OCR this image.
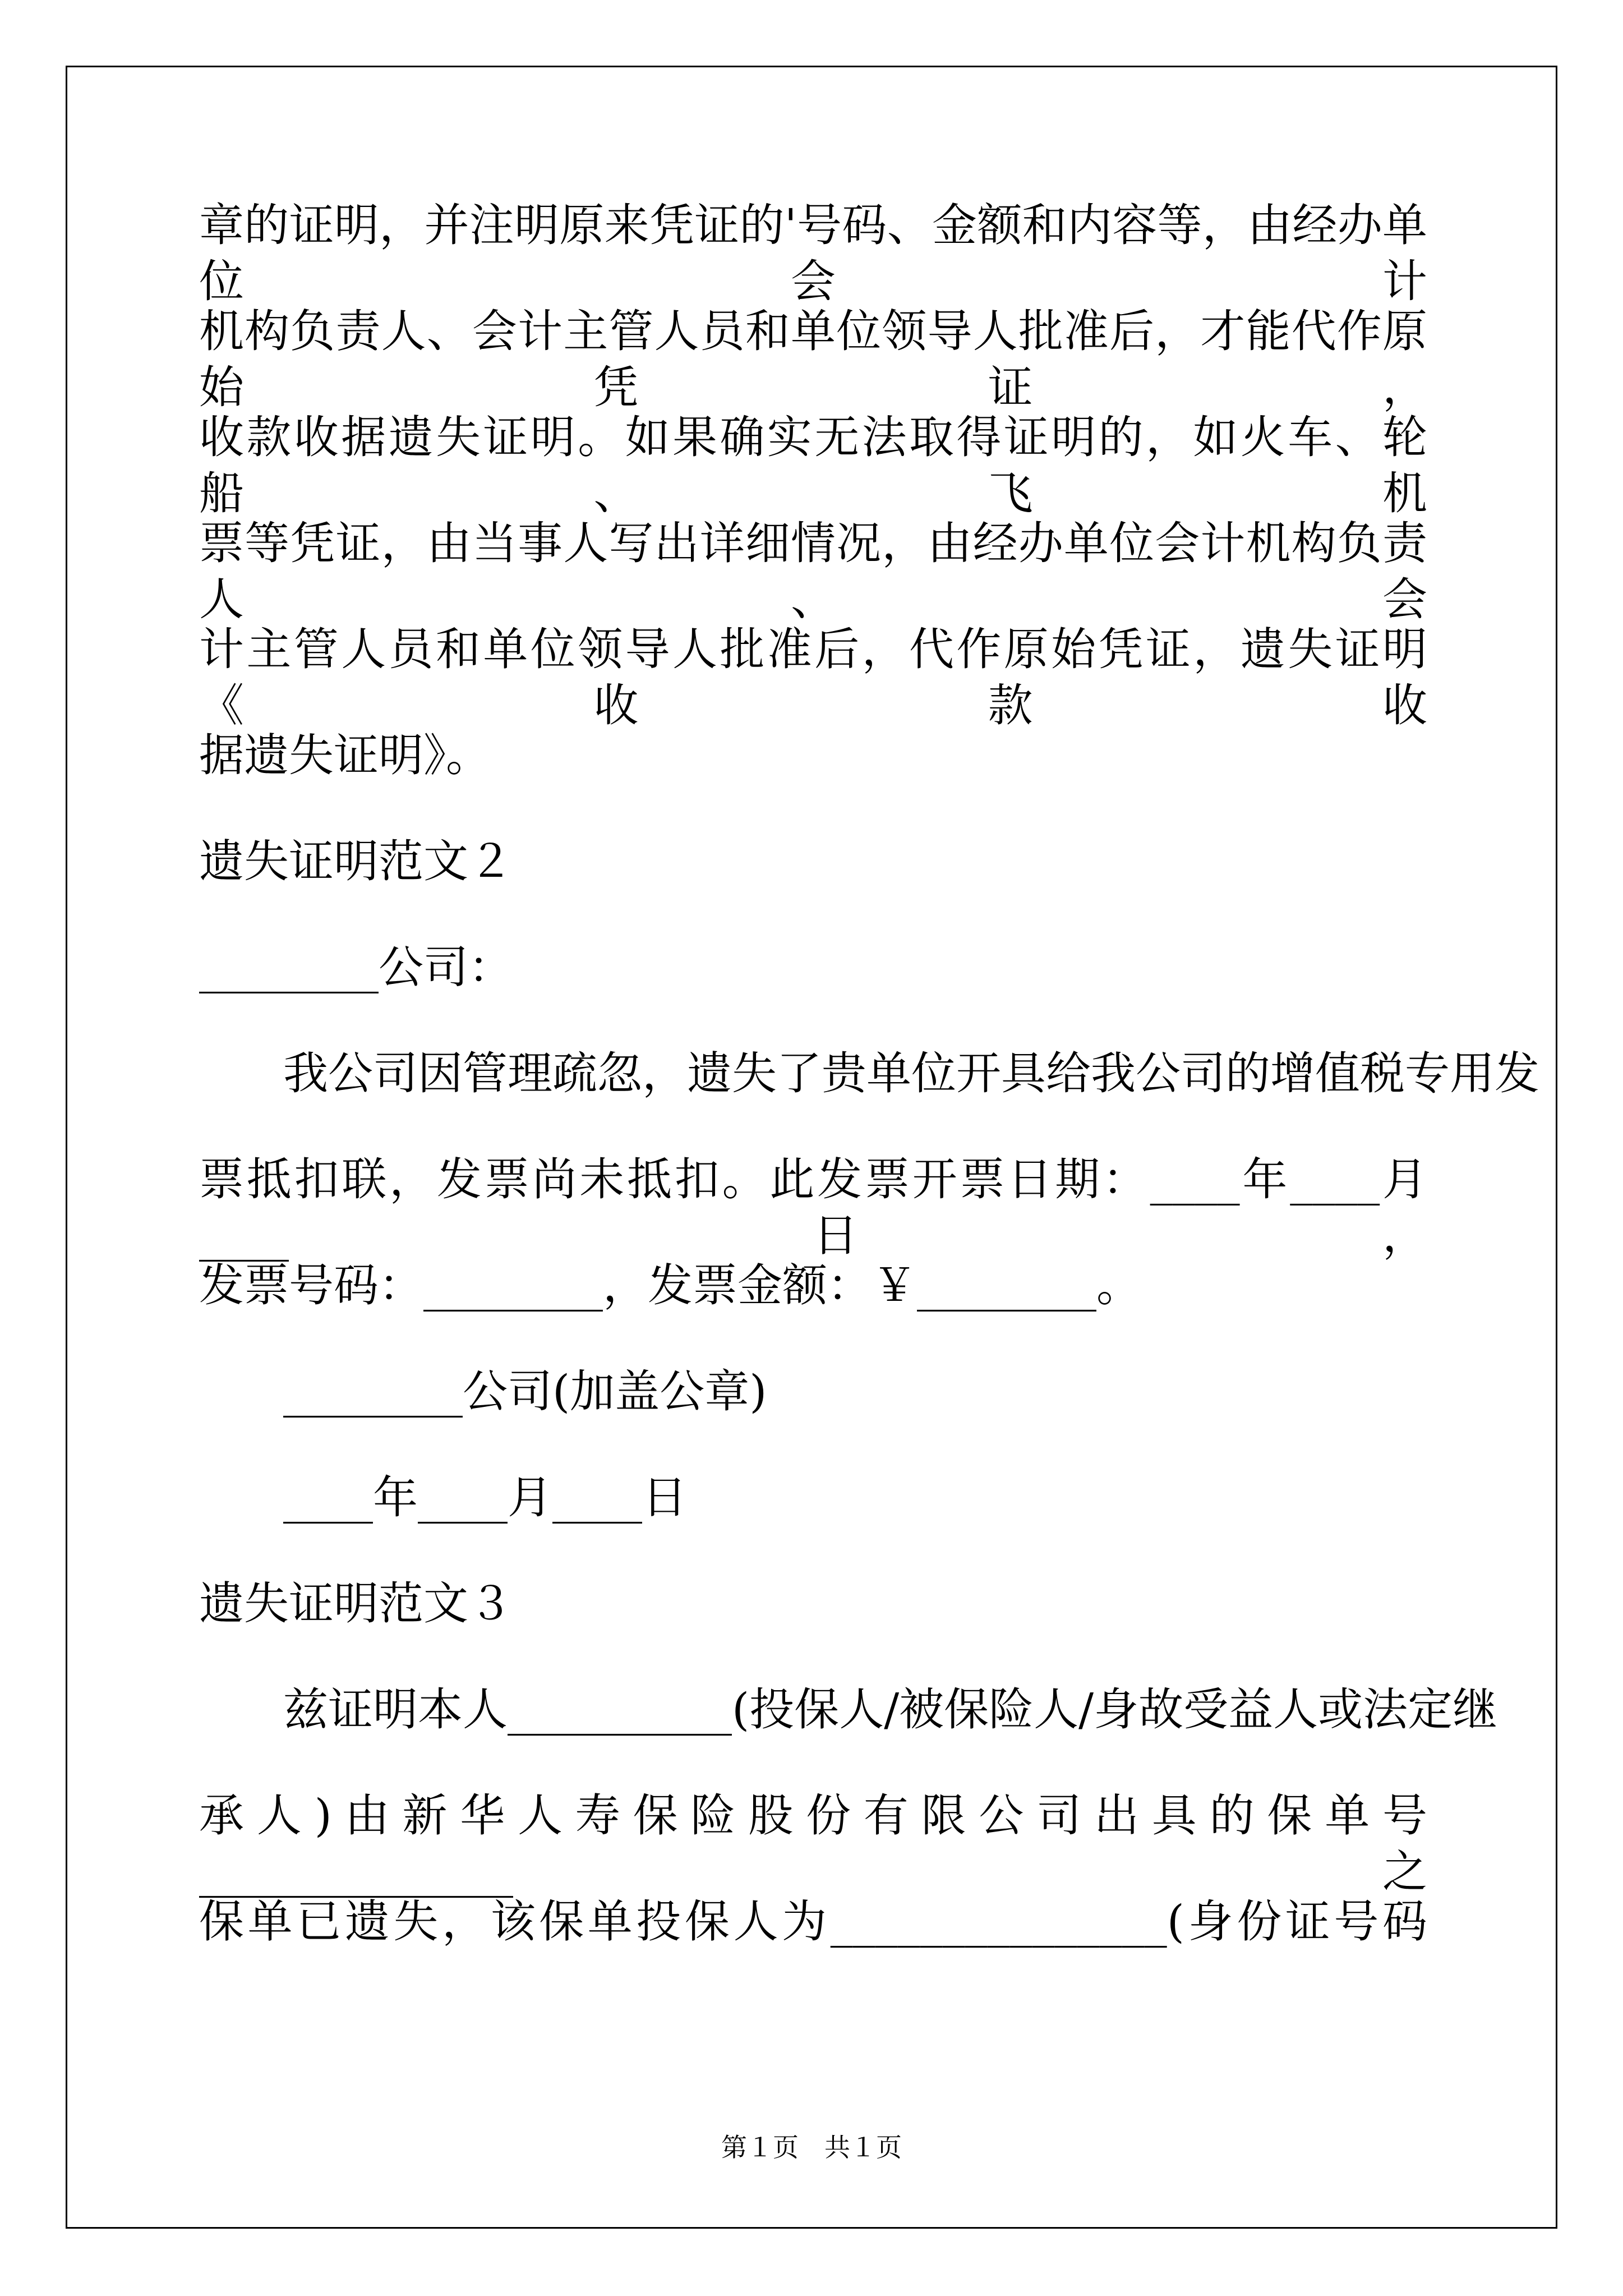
章的证明，并注明原来凭证的'号码、金额和内容等，由经办单位会计
机构负责人、会计主管人员和单位领导人批准后，才能代作原始凭证，
收款收据遗失证明。如果确实无法取得证明的，如火车、轮船、飞机
票等凭证，由当事人写出详细情况，由经办单位会计机构负责人、会
计主管人员和单位领导人批准后，代作原始凭证，遗失证明《收款收
据遗失证明》。
遗失证明范文２
________公司：
我公司因管理疏忽，遗失了贵单位开具给我公司的增值税专用发
票抵扣联，发票尚未抵扣。此发票开票日期：____年____月____日，
发票号码：________，发票金额：￥________。
________公司(加盖公章)
____年____月____日
遗失证明范文３
兹证明本人__________(投保人/被保险人/身故受益人或法定继
承人)由新华人寿保险股份有限公司出具的保单号______________之
保单已遗失，该保单投保人为_______________(身份证号码
第１页　共１页
